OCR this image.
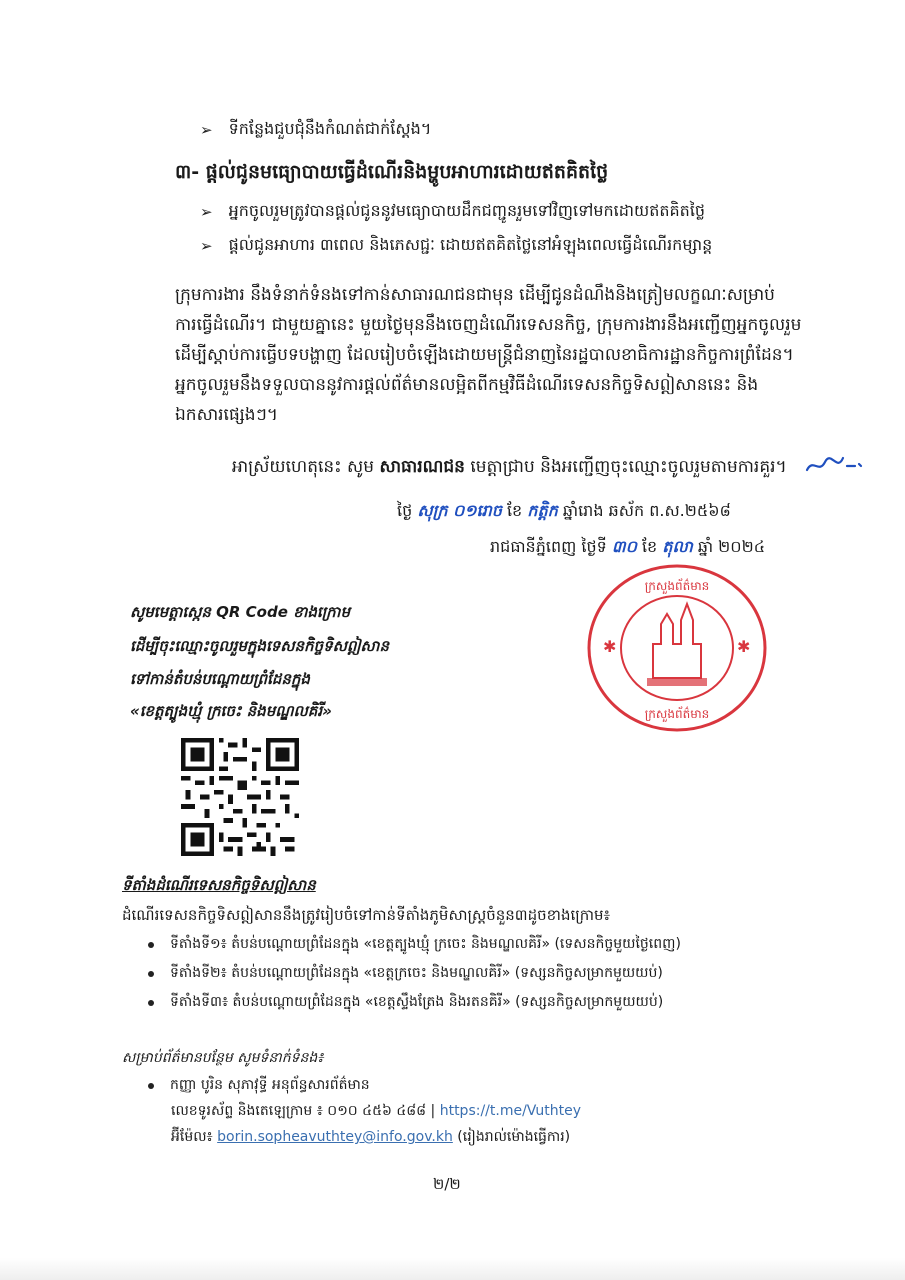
➢ ទីកន្លែងជួបជុំនឹងកំណត់ជាក់ស្តែង។
៣- ផ្តល់ជូនមធ្យោបាយធ្វើដំណើរនិងម្ហូបអាហារដោយឥតគិតថ្លៃ
➢ អ្នកចូលរួមត្រូវបានផ្តល់ជូននូវមធ្យោបាយដឹកជញ្ជូនរួមទៅវិញទៅមកដោយឥតគិតថ្លៃ
➢ ផ្តល់ជូនអាហារ ៣ពេល និងភេសជ្ជៈ ដោយឥតគិតថ្លៃនៅអំឡុងពេលធ្វើដំណើរកម្សាន្ត
ក្រុមការងារ នឹងទំនាក់ទំនងទៅកាន់សាធារណជនជាមុន ដើម្បីជូនដំណឹងនិងត្រៀមលក្ខណៈសម្រាប់
ការធ្វើដំណើរ។ ជាមួយគ្នានេះ មួយថ្ងៃមុននឹងចេញដំណើរទេសនកិច្ច, ក្រុមការងារនឹងអញ្ជើញអ្នកចូលរួម
ដើម្បីស្តាប់ការធ្វើបទបង្ហាញ ដែលរៀបចំឡើងដោយមន្ត្រីជំនាញនៃរដ្ឋបាលខាធិការដ្ឋានកិច្ចការព្រំដែន។
អ្នកចូលរួមនឹងទទួលបាននូវការផ្តល់ព័ត៌មានលម្អិតពីកម្មវិធីដំណើរទេសនកិច្ចទិសឦសាននេះ និង
ឯកសារផ្សេងៗ។
អាស្រ័យហេតុនេះ សូម សាធារណជន មេត្តាជ្រាប និងអញ្ជើញចុះឈ្មោះចូលរួមតាមការគួរ។
ថ្ងៃ សុក្រ ០១រោច ខែ កត្តិក ឆ្នាំរោង ឆស័ក ព.ស.២៥៦៨
រាជធានីភ្នំពេញ ថ្ងៃទី ៣០ ខែ តុលា ឆ្នាំ ២០២៤
✱	✱
ក្រសួងព័ត៌មាន
ក្រសួងព័ត៌មាន
សូមមេត្តាស្កេន QR Code ខាងក្រោម
ដើម្បីចុះឈ្មោះចូលរួមក្នុងទេសនកិច្ចទិសឦសាន
ទៅកាន់តំបន់បណ្តោយព្រំដែនក្នុង
«ខេត្តត្បូងឃ្មុំ ក្រចេះ និងមណ្ឌលគិរី»
ទីតាំងដំណើរទេសនកិច្ចទិសឦសាន
ដំណើរទេសនកិច្ចទិសឦសាននឹងត្រូវរៀបចំទៅកាន់ទីតាំងភូមិសាស្ត្រចំនួន៣ដូចខាងក្រោម៖
ទីតាំងទី១៖ តំបន់បណ្តោយព្រំដែនក្នុង «ខេត្តត្បូងឃ្មុំ ក្រចេះ និងមណ្ឌលគិរី» (ទេសនកិច្ចមួយថ្ងៃពេញ)
ទីតាំងទី២៖ តំបន់បណ្តោយព្រំដែនក្នុង «ខេត្តក្រចេះ និងមណ្ឌលគិរី» (ទស្សនកិច្ចសម្រាកមួយយប់)
ទីតាំងទី៣៖ តំបន់បណ្តោយព្រំដែនក្នុង «ខេត្តស្ទឹងត្រែង និងរតនគិរី» (ទស្សនកិច្ចសម្រាកមួយយប់)
សម្រាប់ព័ត៌មានបន្ថែម សូមទំនាក់ទំនង៖
កញ្ញា បូរិន សុភាវុទ្ធី អនុព័ន្ធសារព័ត៌មាន
លេខទូរស័ព្ទ និងតេឡេក្រាម ៖ ០១០ ៤៥៦ ៤៨៨ | https://t.me/Vuthtey
អ៊ីម៉ែល៖ borin.sopheavuthtey@info.gov.kh (រៀងរាល់ម៉ោងធ្វើការ)
២/២
